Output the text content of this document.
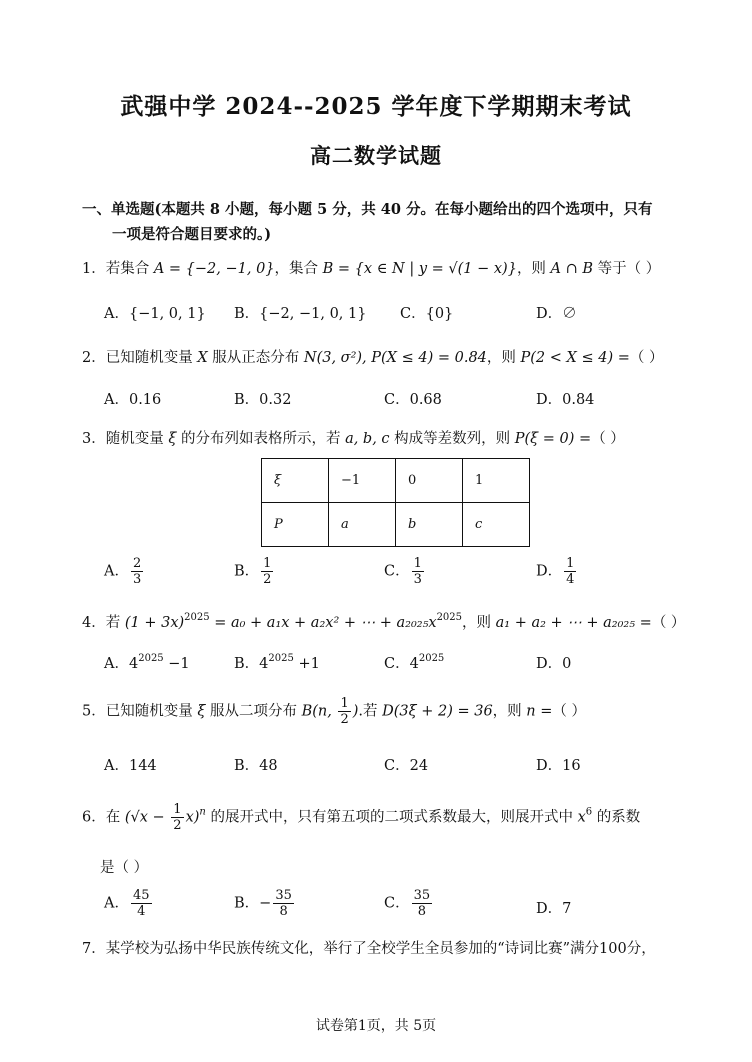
武强中学 2024--2025 学年度下学期期末考试
高二数学试题
一、单选题(本题共 8 小题，每小题 5 分，共 40 分。在每小题给出的四个选项中，只有
一项是符合题目要求的。)
1．若集合 A = {−2, −1, 0}，集合 B = {x ∈ N | y = √(1 − x)}，则 A ∩ B 等于（ ）
A．{−1, 0, 1} B．{−2, −1, 0, 1} C．{0}	D．∅
2．已知随机变量 X 服从正态分布 N(3, σ²), P(X ≤ 4) = 0.84，则 P(2 < X ≤ 4) =（ ）
A．0.16	B．0.32	C．0.68	D．0.84
3．随机变量 ξ 的分布列如表格所示，若 a, b, c 构成等差数列，则 P(ξ = 0) =（ ）
ξ	−1	0	1
P	a	b	c
A． $\frac{2}{3}$	B． $\frac{1}{2}$	C． $\frac{1}{3}$	D． $\frac{1}{4}$
4．若 $(1 + 3x)^{2025} = a_0 + a_1x + a_2x^2$ + ⋯ + $a_{2025}x^{2025}$，则 a₁ + a₂ + ⋯ + a₂₀₂₅ =（ ）
A．$4^{2025} -1$	B．$4^{2025} +1$	C．$4^{2025}$	D．0
5．已知随机变量 ξ 服从二项分布 B(n, $\frac{1}{2}$ ).若 D(3ξ + 2) = 36，则 n =（ ）
A．144	B．48	C．24	D．16
6．在 $(√x - \frac{1}{2} x)^n$ 的展开式中，只有第五项的二项式系数最大，则展开式中 $x^6$ 的系数
是（ ）
A． $\frac{45}{4}$	B．− $\frac{35}{8}$	C． $\frac{35}{8}$	D．7
7．某学校为弘扬中华民族传统文化，举行了全校学生全员参加的“诗词比赛”满分100分，
试卷第1页，共 5页
